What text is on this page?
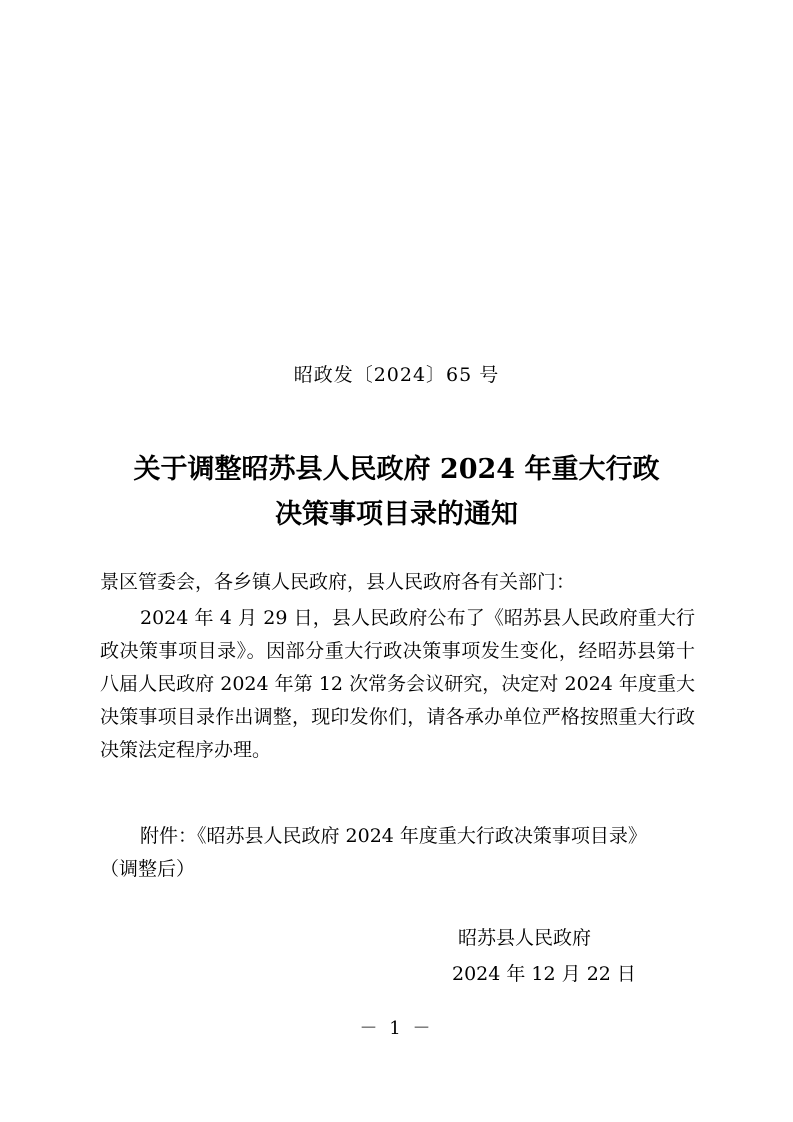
昭政发〔2024〕65 号
关于调整昭苏县人民政府 2024 年重大行政
决策事项目录的通知
景区管委会，各乡镇人民政府，县人民政府各有关部门：
2024 年 4 月 29 日，县人民政府公布了《昭苏县人民政府重大行政决策事项目录》。因部分重大行政决策事项发生变化，经昭苏县第十八届人民政府 2024 年第 12 次常务会议研究，决定对 2024 年度重大决策事项目录作出调整，现印发你们，请各承办单位严格按照重大行政决策法定程序办理。
附件：《昭苏县人民政府 2024 年度重大行政决策事项目录》
（调整后）
昭苏县人民政府
2024 年 12 月 22 日
－ 1 －
